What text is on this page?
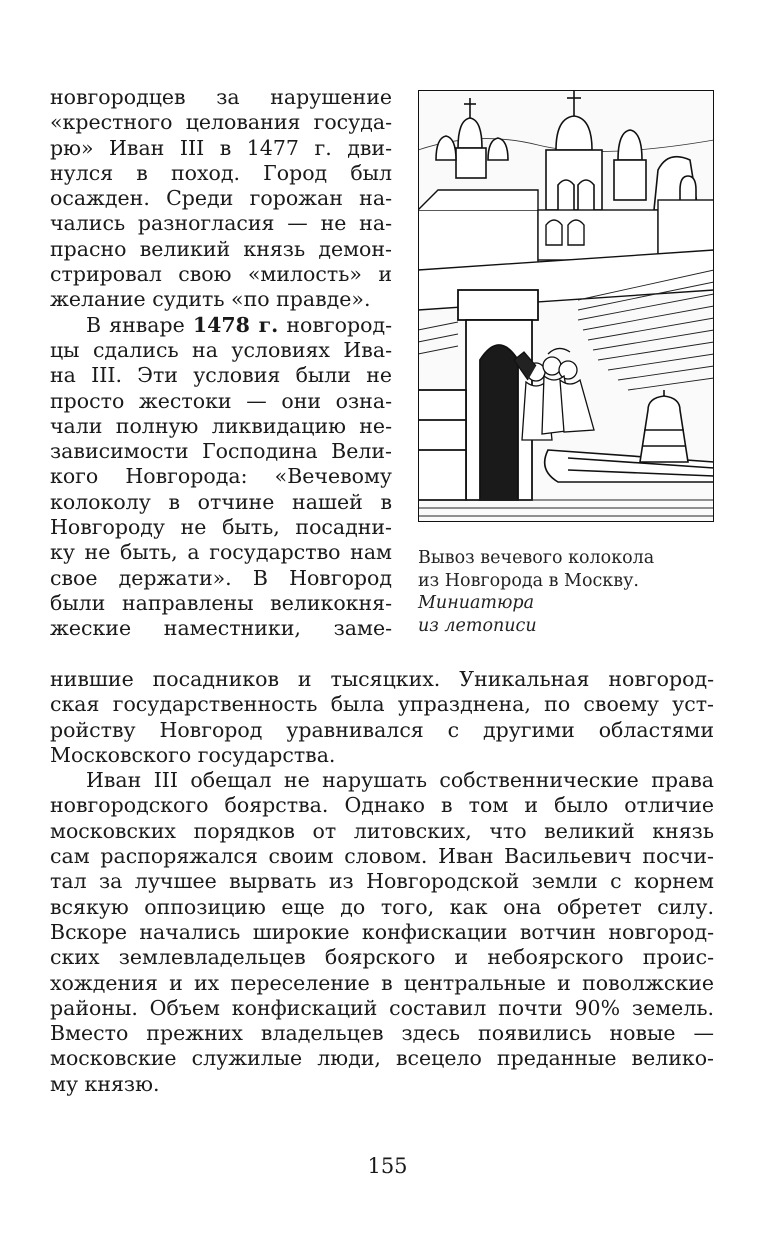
новгородцев за нарушение
«крестного целования госуда-
рю» Иван III в 1477 г. дви-
нулся в поход. Город был
осажден. Среди горожан на-
чались разногласия — не на-
прасно великий князь демон-
стрировал свою «милость» и
желание судить «по правде».
В январе 1478 г. новгород-
цы сдались на условиях Ива-
на III. Эти условия были не
просто жестоки — они озна-
чали полную ликвидацию не-
зависимости Господина Вели-
кого Новгорода: «Вечевому
колоколу в отчине нашей в
Новгороду не быть, посадни-
ку не быть, а государство нам
свое держати». В Новгород
были направлены великокня-
жеские наместники, заме-
Вывоз вечевого колокола
из Новгорода в Москву.
Миниатюра
из летописи
нившие посадников и тысяцких. Уникальная новгород-
ская государственность была упразднена, по своему уст-
ройству Новгород уравнивался с другими областями
Московского государства.
Иван III обещал не нарушать собственнические права
новгородского боярства. Однако в том и было отличие
московских порядков от литовских, что великий князь
сам распоряжался своим словом. Иван Васильевич посчи-
тал за лучшее вырвать из Новгородской земли с корнем
всякую оппозицию еще до того, как она обретет силу.
Вскоре начались широкие конфискации вотчин новгород-
ских землевладельцев боярского и небоярского проис-
хождения и их переселение в центральные и поволжские
районы. Объем конфискаций составил почти 90% земель.
Вместо прежних владельцев здесь появились новые —
московские служилые люди, всецело преданные велико-
му князю.
155
